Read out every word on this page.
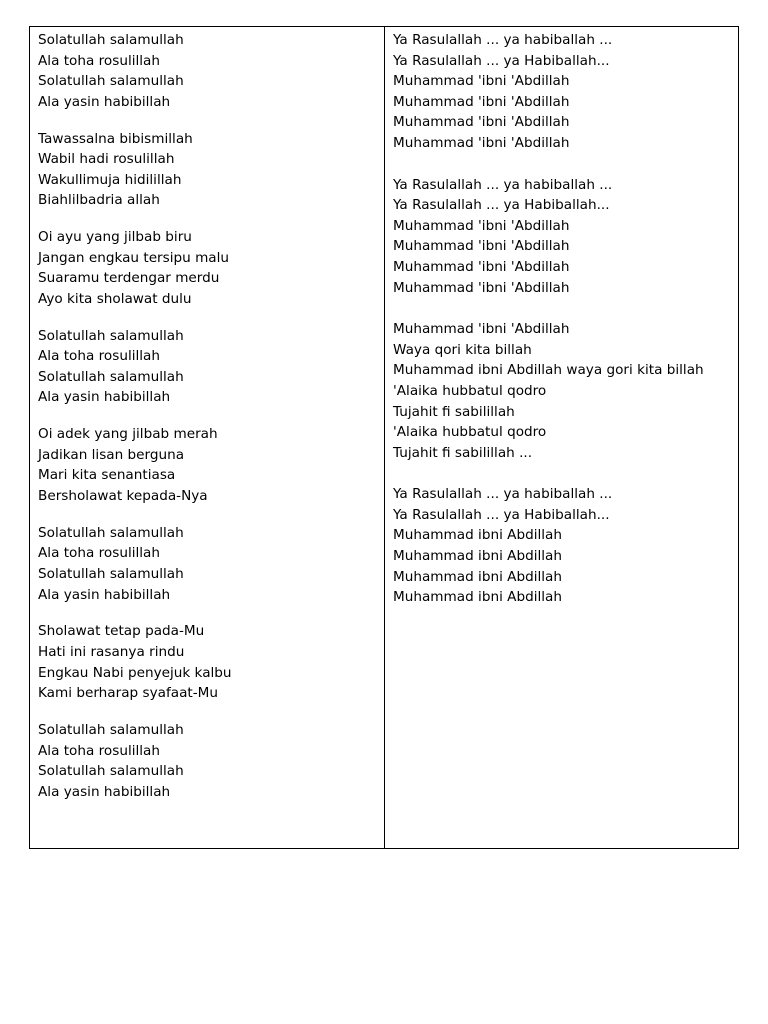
Solatullah salamullah
Ala toha rosulillah
Solatullah salamullah
Ala yasin habibillah
Tawassalna bibismillah
Wabil hadi rosulillah
Wakullimuja hidilillah
Biahlilbadria allah
Oi ayu yang jilbab biru
Jangan engkau tersipu malu
Suaramu terdengar merdu
Ayo kita sholawat dulu
Solatullah salamullah
Ala toha rosulillah
Solatullah salamullah
Ala yasin habibillah
Oi adek yang jilbab merah
Jadikan lisan berguna
Mari kita senantiasa
Bersholawat kepada-Nya
Solatullah salamullah
Ala toha rosulillah
Solatullah salamullah
Ala yasin habibillah
Sholawat tetap pada-Mu
Hati ini rasanya rindu
Engkau Nabi penyejuk kalbu
Kami berharap syafaat-Mu
Solatullah salamullah
Ala toha rosulillah
Solatullah salamullah
Ala yasin habibillah
Ya Rasulallah ... ya habiballah ...
Ya Rasulallah ... ya Habiballah...
Muhammad 'ibni 'Abdillah
Muhammad 'ibni 'Abdillah
Muhammad 'ibni 'Abdillah
Muhammad 'ibni 'Abdillah
Ya Rasulallah ... ya habiballah ...
Ya Rasulallah ... ya Habiballah...
Muhammad 'ibni 'Abdillah
Muhammad 'ibni 'Abdillah
Muhammad 'ibni 'Abdillah
Muhammad 'ibni 'Abdillah
Muhammad 'ibni 'Abdillah
Waya qori kita billah
Muhammad ibni Abdillah waya gori kita billah
'Alaika hubbatul qodro
Tujahit fi sabilillah
'Alaika hubbatul qodro
Tujahit fi sabilillah ...
Ya Rasulallah ... ya habiballah ...
Ya Rasulallah ... ya Habiballah...
Muhammad ibni Abdillah
Muhammad ibni Abdillah
Muhammad ibni Abdillah
Muhammad ibni Abdillah
